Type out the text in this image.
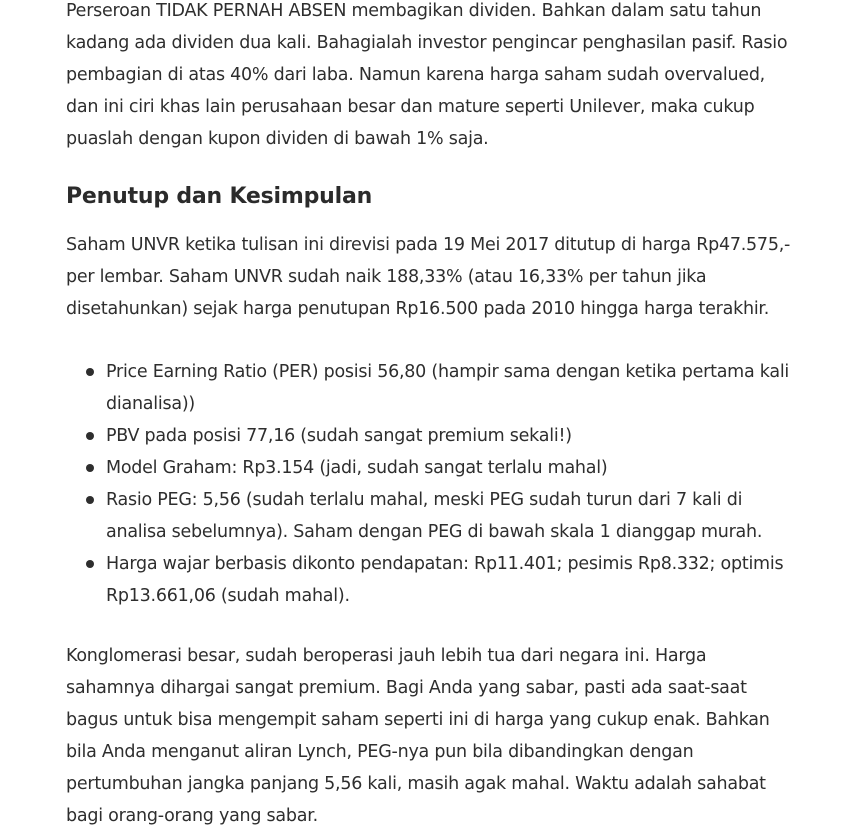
Perseroan TIDAK PERNAH ABSEN membagikan dividen. Bahkan dalam satu tahun kadang ada dividen dua kali. Bahagialah investor pengincar penghasilan pasif. Rasio pembagian di atas 40% dari laba. Namun karena harga saham sudah overvalued, dan ini ciri khas lain perusahaan besar dan mature seperti Unilever, maka cukup puaslah dengan kupon dividen di bawah 1% saja.

Penutup dan Kesimpulan

Saham UNVR ketika tulisan ini direvisi pada 19 Mei 2017 ditutup di harga Rp47.575,- per lembar. Saham UNVR sudah naik 188,33% (atau 16,33% per tahun jika disetahunkan) sejak harga penutupan Rp16.500 pada 2010 hingga harga terakhir.

Price Earning Ratio (PER) posisi 56,80 (hampir sama dengan ketika pertama kali dianalisa))
PBV pada posisi 77,16 (sudah sangat premium sekali!)
Model Graham: Rp3.154 (jadi, sudah sangat terlalu mahal)
Rasio PEG: 5,56 (sudah terlalu mahal, meski PEG sudah turun dari 7 kali di analisa sebelumnya). Saham dengan PEG di bawah skala 1 dianggap murah.
Harga wajar berbasis dikonto pendapatan: Rp11.401; pesimis Rp8.332; optimis Rp13.661,06 (sudah mahal).

Konglomerasi besar, sudah beroperasi jauh lebih tua dari negara ini. Harga sahamnya dihargai sangat premium. Bagi Anda yang sabar, pasti ada saat-saat bagus untuk bisa mengempit saham seperti ini di harga yang cukup enak. Bahkan bila Anda menganut aliran Lynch, PEG-nya pun bila dibandingkan dengan pertumbuhan jangka panjang 5,56 kali, masih agak mahal. Waktu adalah sahabat bagi orang-orang yang sabar.
